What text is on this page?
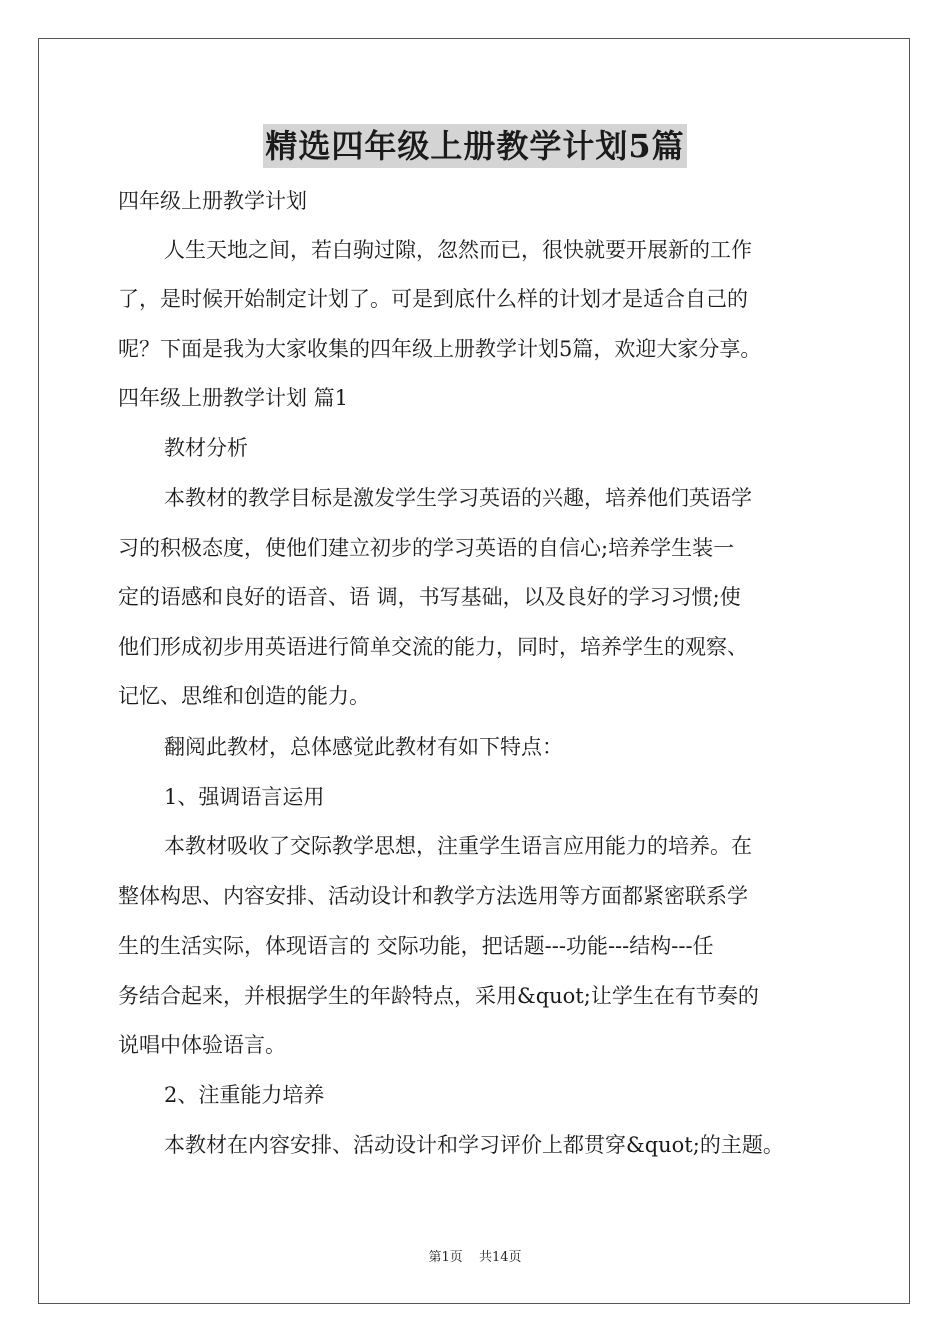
精选四年级上册教学计划5篇
四年级上册教学计划
人生天地之间，若白驹过隙，忽然而已，很快就要开展新的工作
了，是时候开始制定计划了。可是到底什么样的计划才是适合自己的
呢？下面是我为大家收集的四年级上册教学计划5篇，欢迎大家分享。
四年级上册教学计划 篇1
教材分析
本教材的教学目标是激发学生学习英语的兴趣，培养他们英语学
习的积极态度，使他们建立初步的学习英语的自信心;培养学生装一
定的语感和良好的语音、语 调，书写基础，以及良好的学习习惯;使
他们形成初步用英语进行简单交流的能力，同时，培养学生的观察、
记忆、思维和创造的能力。
翻阅此教材，总体感觉此教材有如下特点：
1、强调语言运用
本教材吸收了交际教学思想，注重学生语言应用能力的培养。在
整体构思、内容安排、活动设计和教学方法选用等方面都紧密联系学
生的生活实际，体现语言的 交际功能，把话题---功能---结构---任
务结合起来，并根据学生的年龄特点，采用&quot;让学生在有节奏的
说唱中体验语言。
2、注重能力培养
本教材在内容安排、活动设计和学习评价上都贯穿&quot;的主题。
第1页 共14页
